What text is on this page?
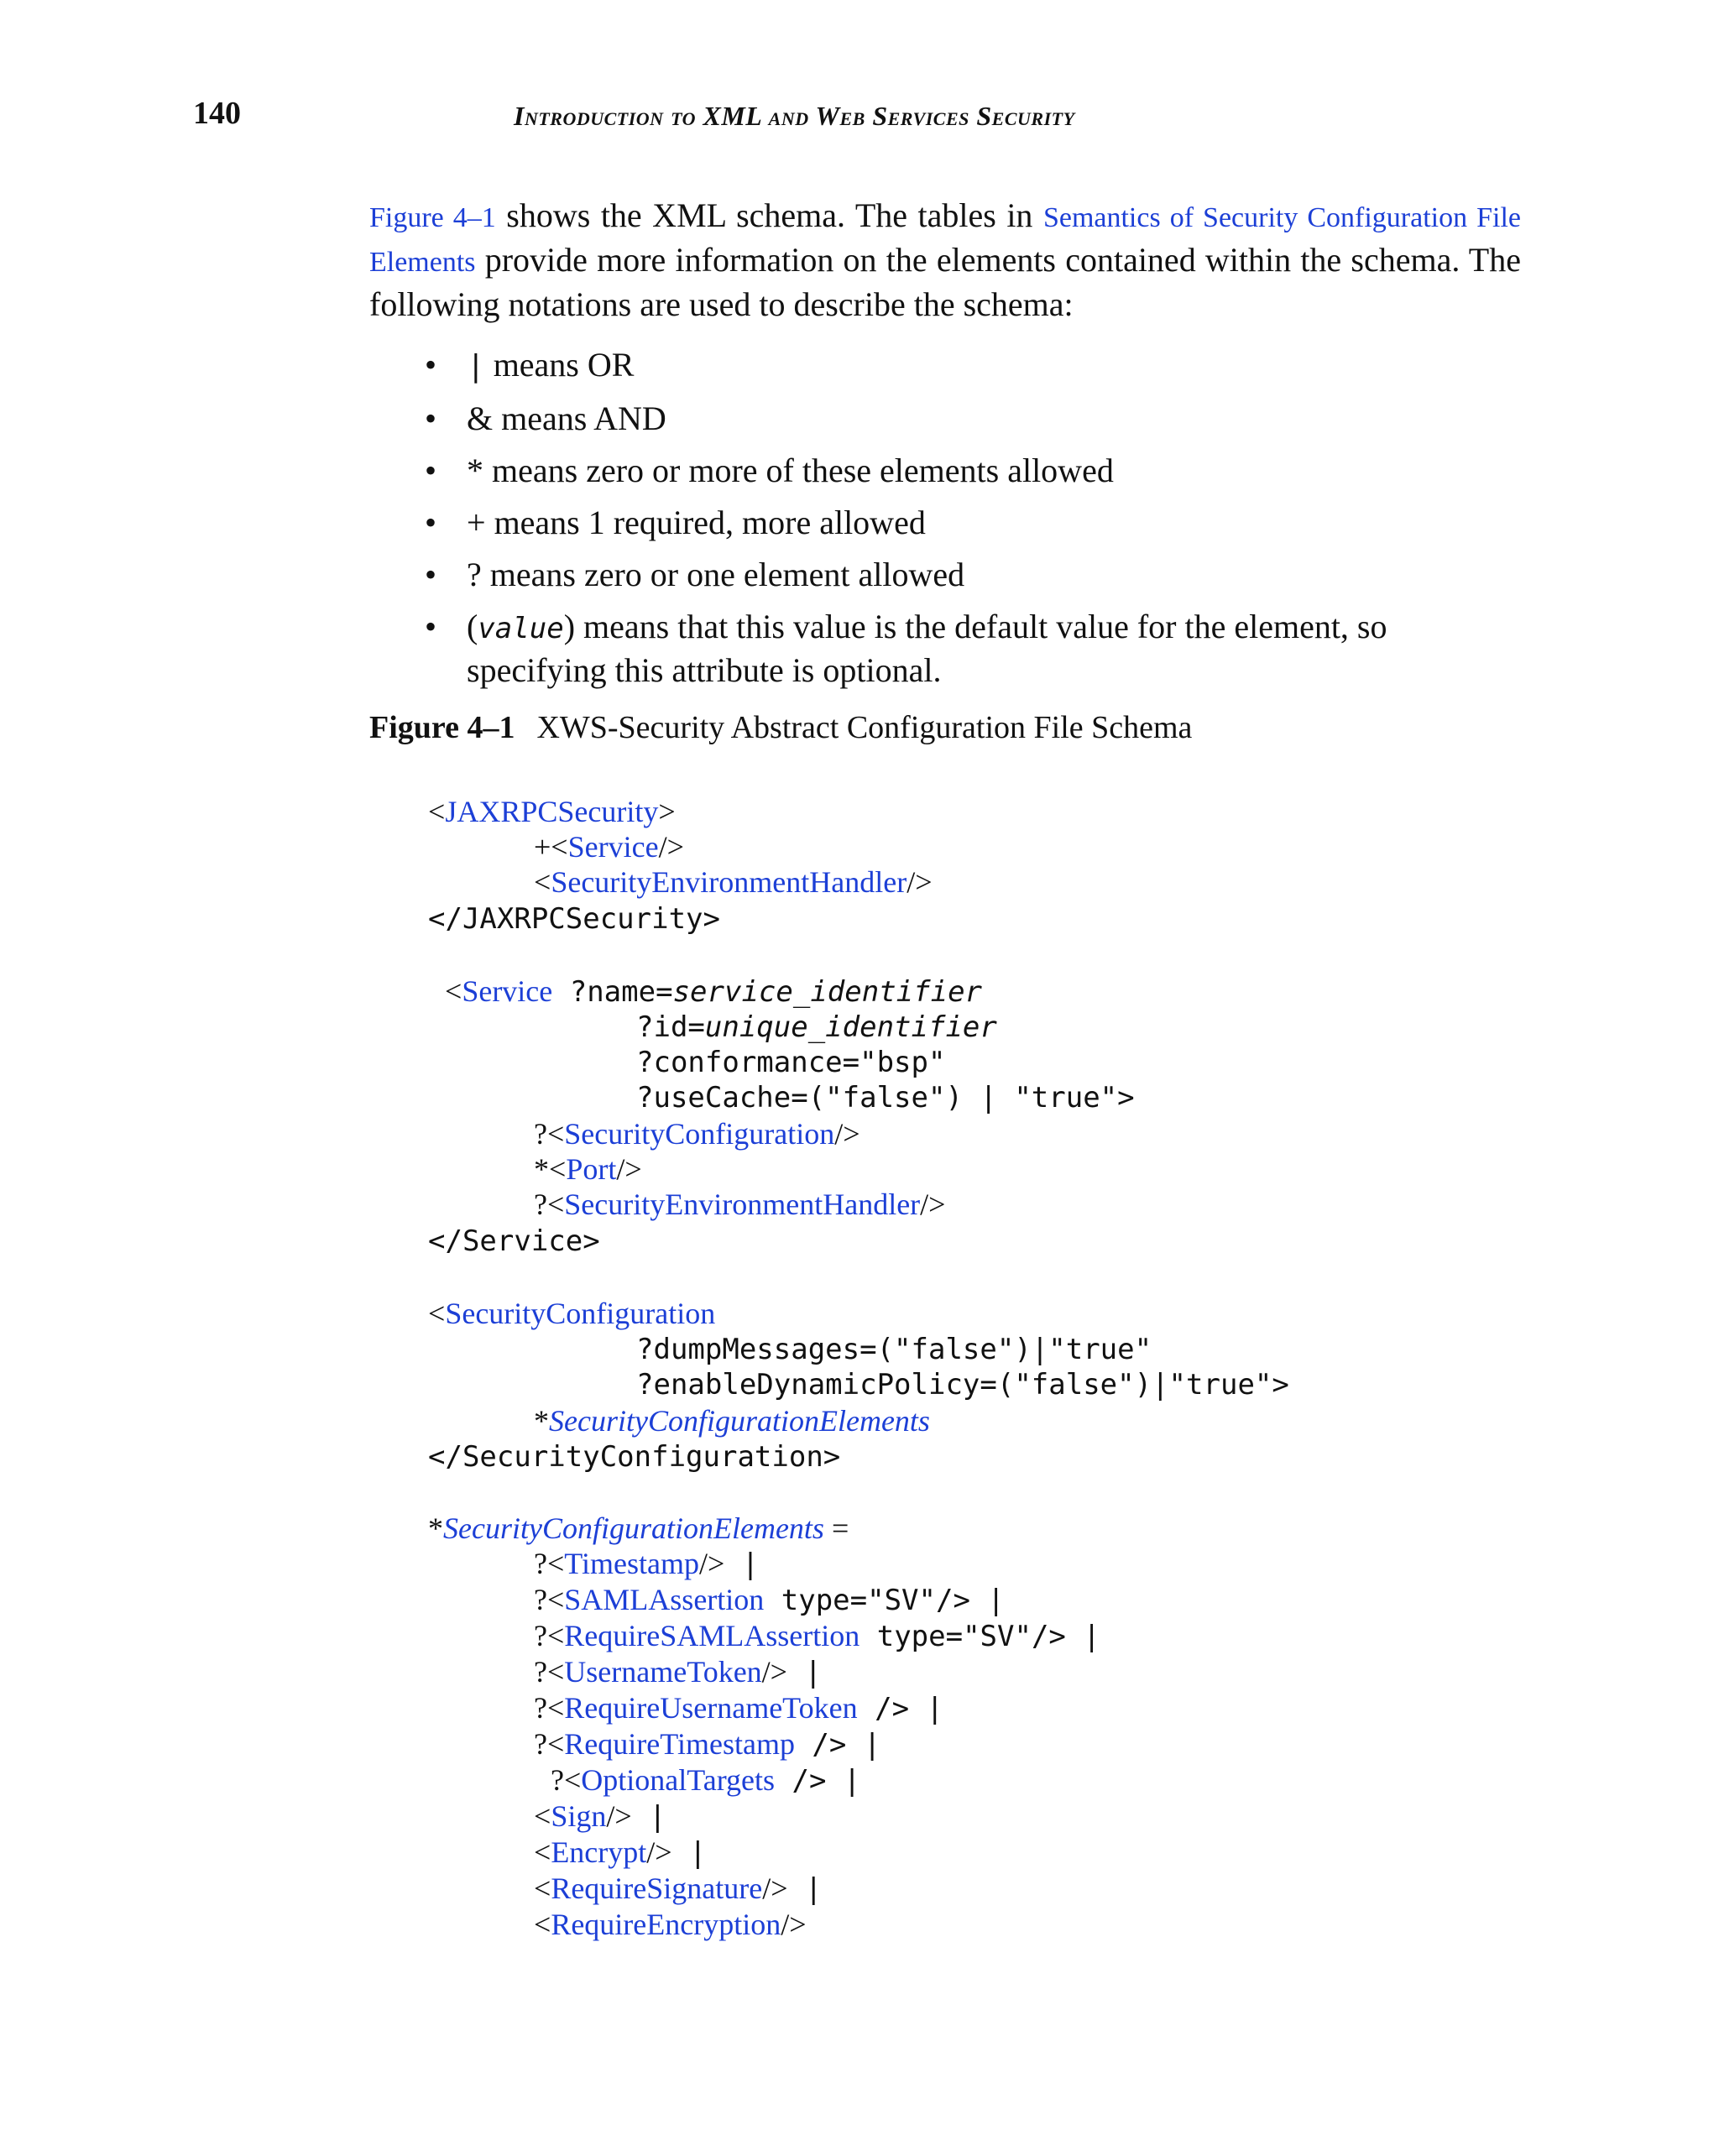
140	Introduction to XML and Web Services Security

Figure 4–1 shows the XML schema. The tables in Semantics of Security Configuration File Elements provide more information on the elements contained within the schema. The following notations are used to describe the schema:

• | means OR
• & means AND
• * means zero or more of these elements allowed
• + means 1 required, more allowed
• ? means zero or one element allowed
• (value) means that this value is the default value for the element, so specifying this attribute is optional.
Figure 4–1 XWS-Security Abstract Configuration File Schema
<JAXRPCSecurity>
+<Service/>
<SecurityEnvironmentHandler/>
</JAXRPCSecurity>
<Service ?name=service_identifier
?id=unique_identifier
?conformance="bsp"
?useCache=("false") | "true">
?<SecurityConfiguration/>
*<Port/>
?<SecurityEnvironmentHandler/>
</Service>
<SecurityConfiguration
?dumpMessages=("false")|"true"
?enableDynamicPolicy=("false")|"true">
*SecurityConfigurationElements
</SecurityConfiguration>
*SecurityConfigurationElements =
?<Timestamp/> |
?<SAMLAssertion type="SV"/> |
?<RequireSAMLAssertion type="SV"/> |
?<UsernameToken/> |
?<RequireUsernameToken /> |
?<RequireTimestamp /> |
?<OptionalTargets /> |
<Sign/> |
<Encrypt/> |
<RequireSignature/> |
<RequireEncryption/>
